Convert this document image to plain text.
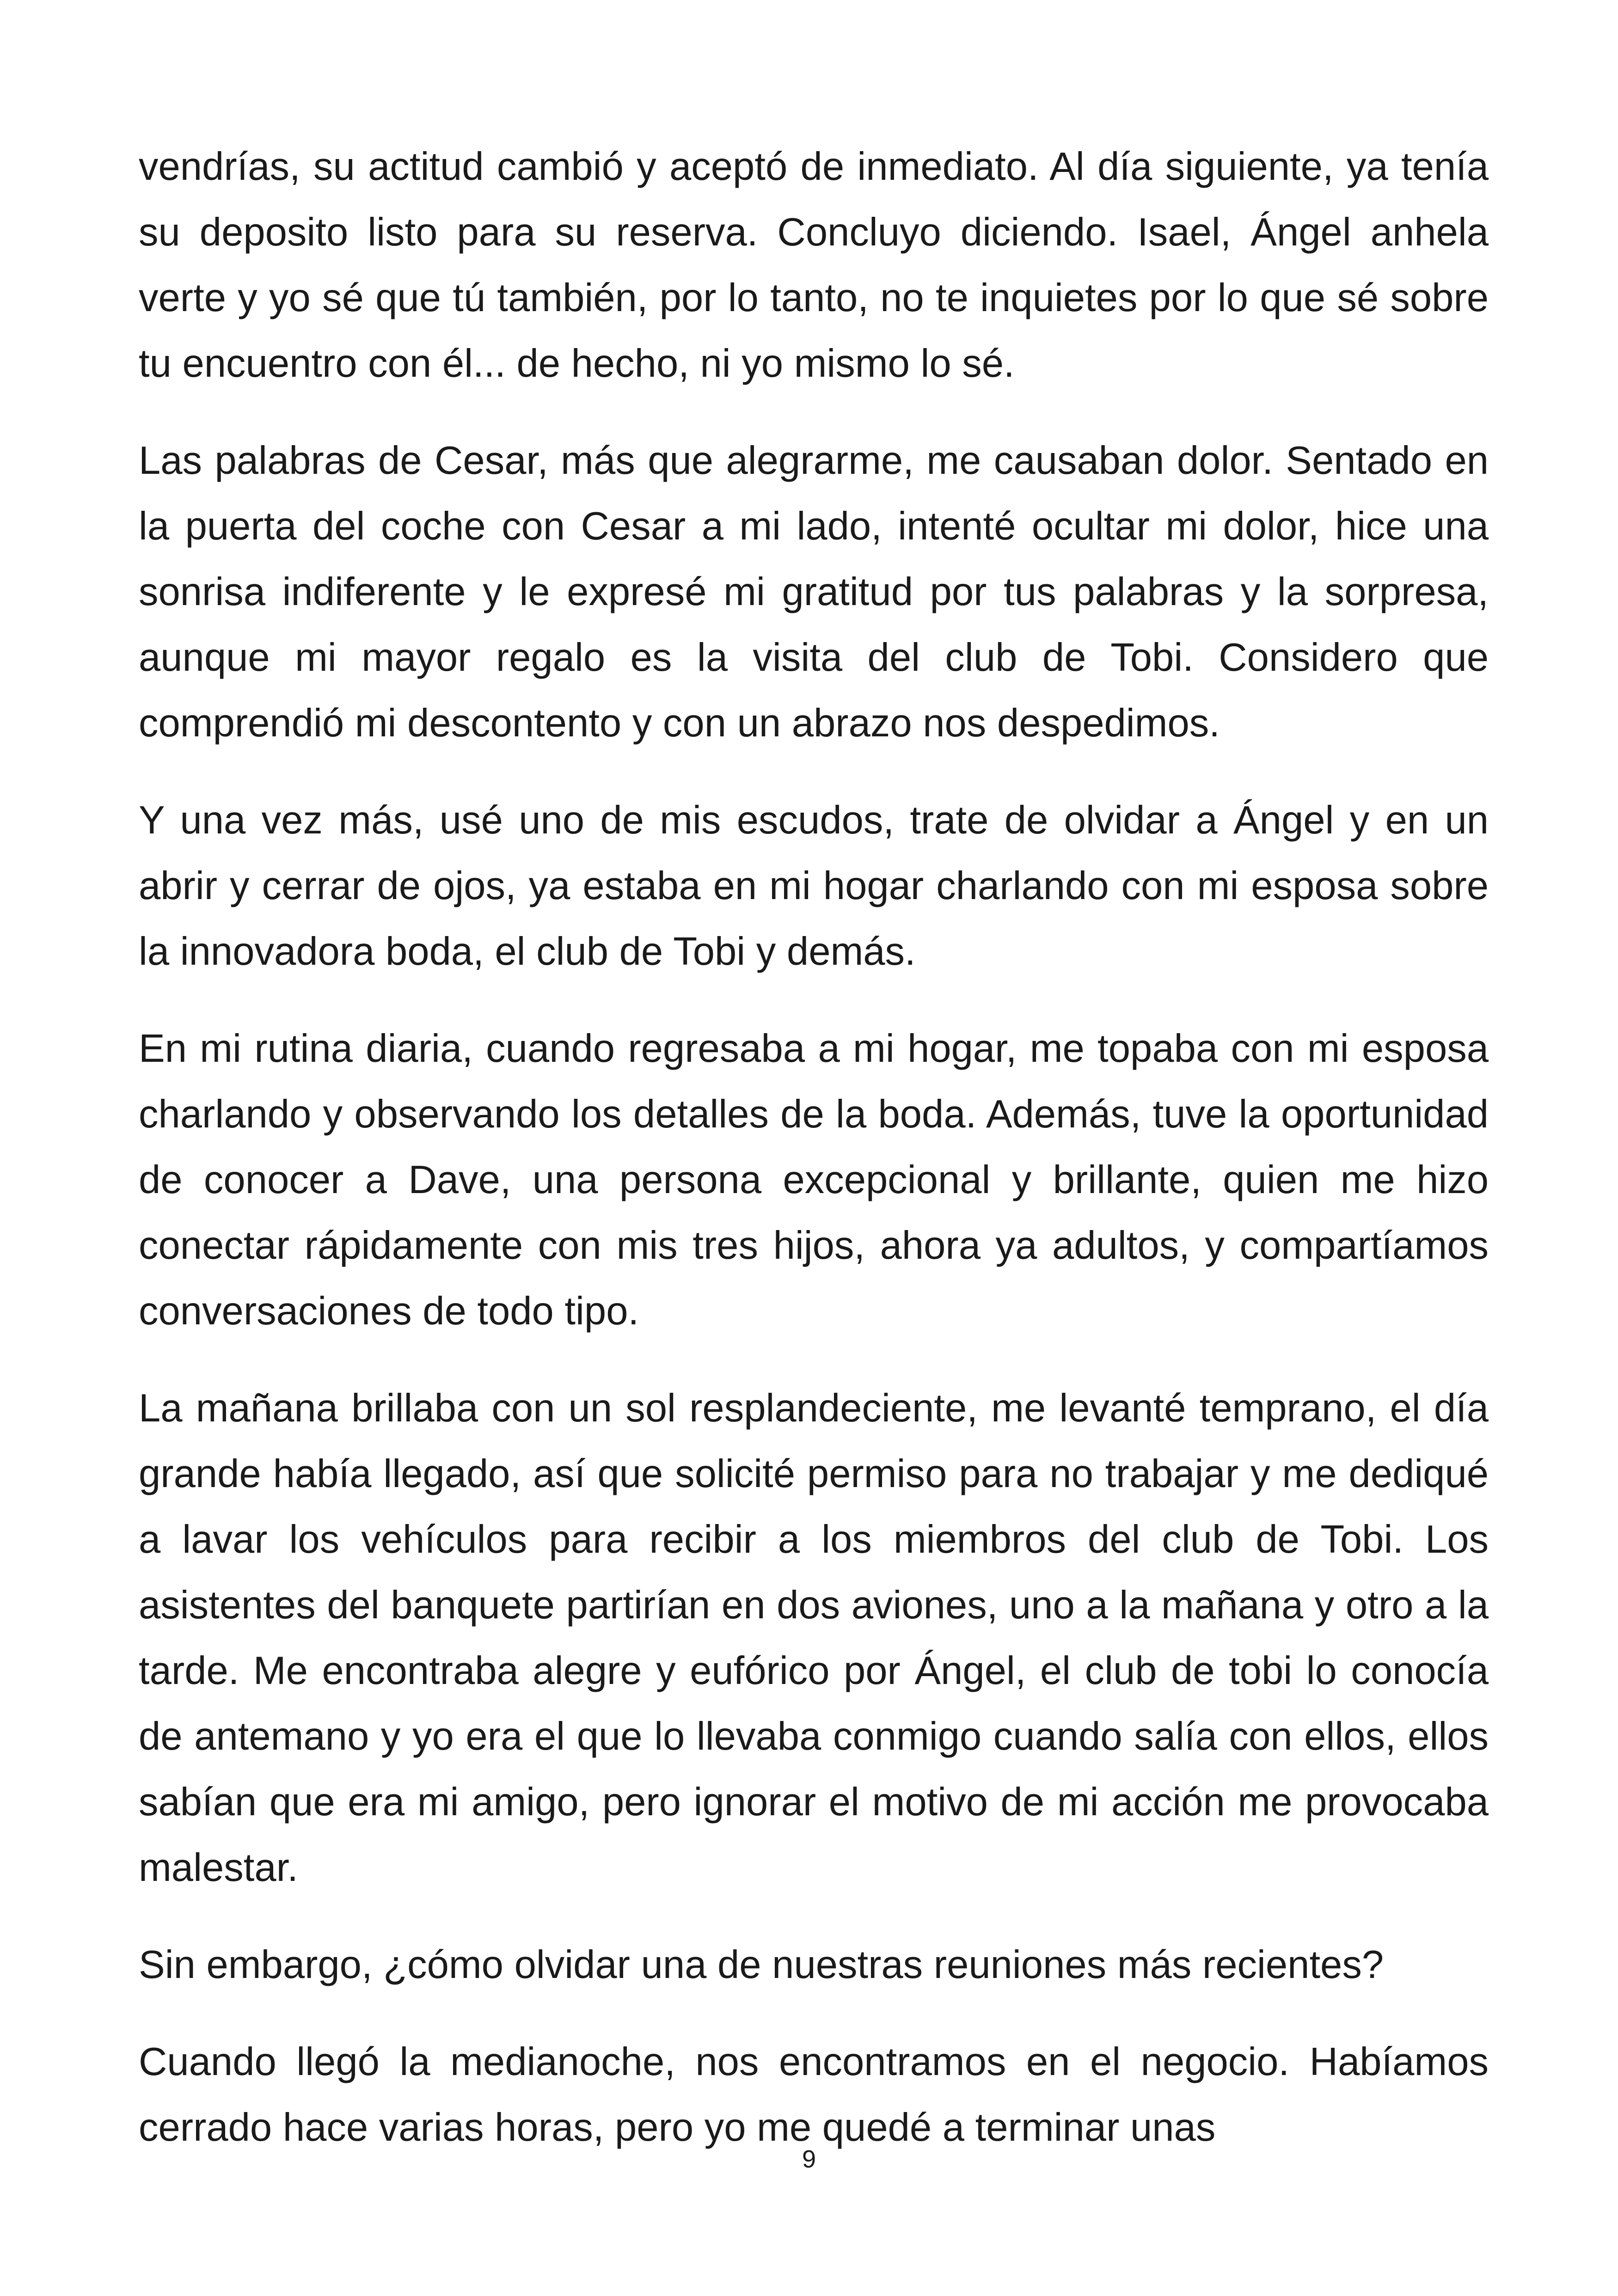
vendrías, su actitud cambió y aceptó de inmediato. Al día siguiente, ya tenía su deposito listo para su reserva. Concluyo diciendo. Isael, Ángel anhela verte y yo sé que tú también, por lo tanto, no te inquietes por lo que sé sobre tu encuentro con él... de hecho, ni yo mismo lo sé.

Las palabras de Cesar, más que alegrarme, me causaban dolor. Sentado en la puerta del coche con Cesar a mi lado, intenté ocultar mi dolor, hice una sonrisa indiferente y le expresé mi gratitud por tus palabras y la sorpresa, aunque mi mayor regalo es la visita del club de Tobi. Considero que comprendió mi descontento y con un abrazo nos despedimos.

Y una vez más, usé uno de mis escudos, trate de olvidar a Ángel y en un abrir y cerrar de ojos, ya estaba en mi hogar charlando con mi esposa sobre la innovadora boda, el club de Tobi y demás.

En mi rutina diaria, cuando regresaba a mi hogar, me topaba con mi esposa charlando y observando los detalles de la boda. Además, tuve la oportunidad de conocer a Dave, una persona excepcional y brillante, quien me hizo conectar rápidamente con mis tres hijos, ahora ya adultos, y compartíamos conversaciones de todo tipo.

La mañana brillaba con un sol resplandeciente, me levanté temprano, el día grande había llegado, así que solicité permiso para no trabajar y me dediqué a lavar los vehículos para recibir a los miembros del club de Tobi. Los asistentes del banquete partirían en dos aviones, uno a la mañana y otro a la tarde. Me encontraba alegre y eufórico por Ángel, el club de tobi lo conocía de antemano y yo era el que lo llevaba conmigo cuando salía con ellos, ellos sabían que era mi amigo, pero ignorar el motivo de mi acción me provocaba malestar.

Sin embargo, ¿cómo olvidar una de nuestras reuniones más recientes?

Cuando llegó la medianoche, nos encontramos en el negocio. Habíamos cerrado hace varias horas, pero yo me quedé a terminar unas

9
